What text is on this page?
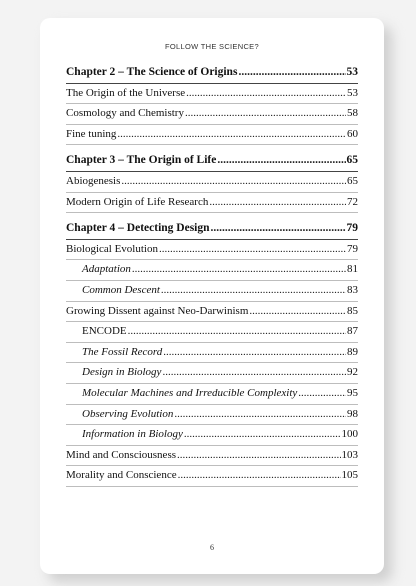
FOLLOW THE SCIENCE?
Chapter 2 – The Science of Origins .....	53
The Origin of the Universe .....	53
Cosmology and Chemistry .....	58
Fine tuning .....	60
Chapter 3 – The Origin of Life .....	65
Abiogenesis .....	65
Modern Origin of Life Research .....	72
Chapter 4 – Detecting Design .....	79
Biological Evolution .....	79
Adaptation .....	81
Common Descent .....	83
Growing Dissent against Neo-Darwinism .....	85
ENCODE .....	87
The Fossil Record .....	89
Design in Biology .....	92
Molecular Machines and Irreducible Complexity .....	95
Observing Evolution .....	98
Information in Biology .....	100
Mind and Consciousness .....	103
Morality and Conscience .....	105
6
